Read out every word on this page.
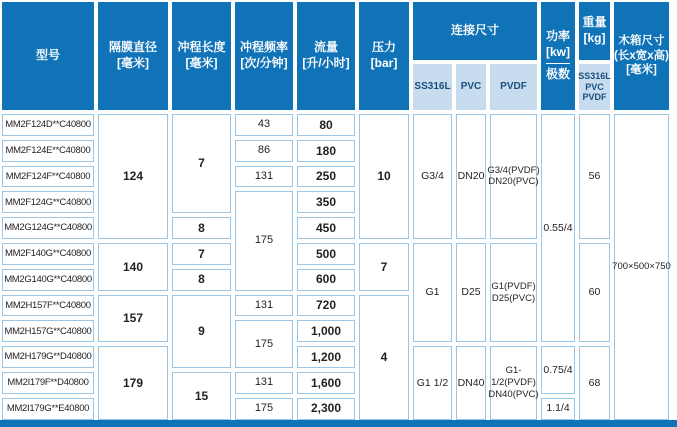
型号
隔膜直径
[毫米]
冲程长度
[毫米]
冲程频率
[次/分钟]
流量
[升/小时]
压力
[bar]
连接尺寸
SS316L PVC PVDF
功率
[kw]
极数
重量
[kg]
SS316L
PVC
PVDF
木箱尺寸
(长x宽x高)
[毫米]
MM2F124D**C40800
MM2F124E**C40800
MM2F124F**C40800
MM2F124G**C40800
MM2G124G**C40800
MM2F140G**C40800
MM2G140G**C40800
MM2H157F**C40800
MM2H157G**C40800
MM2H179G**D40800
MM2I179F**D40800
MM2I179G**E40800
124
140
157
179
7
8
7
8
9
15
43
86
131
175
131
175
131
175
80
180
250
350
450
500
600
720
1,000
1,200
1,600
2,300
10
7
4
G3/4
G1
G1 1/2
DN20
D25
DN40
G3/4(PVDF)
DN20(PVC)
G1(PVDF)
D25(PVC)
G1-1/2(PVDF)
DN40(PVC)
0.55/4
0.75/4
1.1/4
56
60
68
700×500×750
